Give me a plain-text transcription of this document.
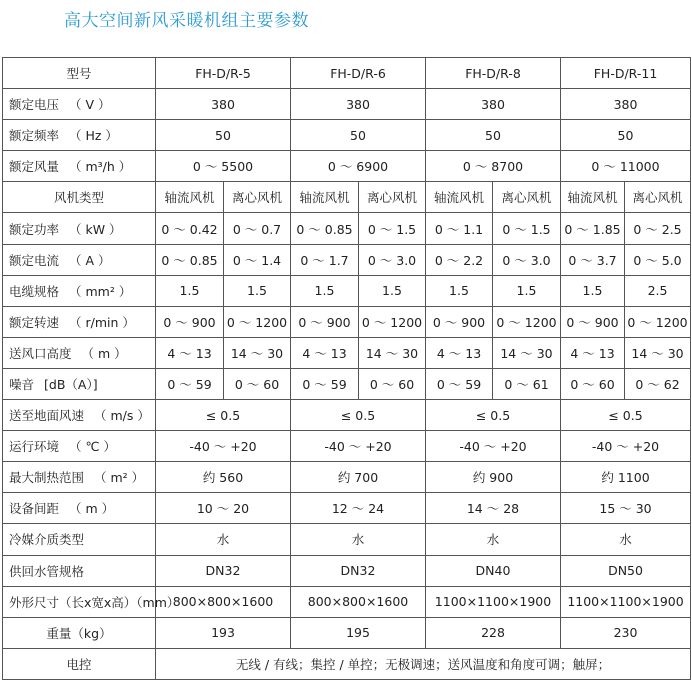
高大空间新风采暖机组主要参数
型号	FH-D/R-5		FH-D/R-6		FH-D/R-8		FH-D/R-11	
额定电压 （ V ）	380		380		380		380	
额定频率 （ Hz ）	50		50		50		50	
额定风量 （ m³/h ）	0 ～ 5500		0 ～ 6900		0 ～ 8700		0 ～ 11000	
风机类型	轴流风机	离心风机	轴流风机	离心风机	轴流风机	离心风机	轴流风机	离心风机
额定功率 （ kW ）	0 ～ 0.42	0 ～ 0.7	0 ～ 0.85	0 ～ 1.5	0 ～ 1.1	0 ～ 1.5	0 ～ 1.85	0 ～ 2.5
额定电流 （ A ）	0 ～ 0.85	0 ～ 1.4	0 ～ 1.7	0 ～ 3.0	0 ～ 2.2	0 ～ 3.0	0 ～ 3.7	0 ～ 5.0
电缆规格 （ mm² ）	1.5	1.5	1.5	1.5	1.5	1.5	1.5	2.5
额定转速 （ r/min ）	0 ～ 900	0 ～ 1200	0 ～ 900	0 ～ 1200	0 ～ 900	0 ～ 1200	0 ～ 900	0 ～ 1200
送风口高度 （ m ）	4 ～ 13	14 ～ 30	4 ～ 13	14 ～ 30	4 ～ 13	14 ～ 30	4 ～ 13	14 ～ 30
噪音 [dB（A）]	0 ～ 59	0 ～ 60	0 ～ 59	0 ～ 60	0 ～ 59	0 ～ 61	0 ～ 60	0 ～ 62
送至地面风速 （ m/s ）	≤ 0.5		≤ 0.5		≤ 0.5		≤ 0.5	
运行环境 （ ℃ ）	-40 ～ +20		-40 ～ +20		-40 ～ +20		-40 ～ +20	
最大制热范围 （ m² ）	约 560		约 700		约 900		约 1100	
设备间距 （ m ）	10 ～ 20		12 ～ 24		14 ～ 28		15 ～ 30	
冷媒介质类型	水		水		水		水	
供回水管规格	DN32		DN32		DN40		DN50	
外形尺寸（长x宽x高）（mm）	800×800×1600		800×800×1600		1100×1100×1900		1100×1100×1900	
重量（kg）	193		195		228		230	
电控	无线 / 有线；集控 / 单控；无极调速；送风温度和角度可调；触屏；							
